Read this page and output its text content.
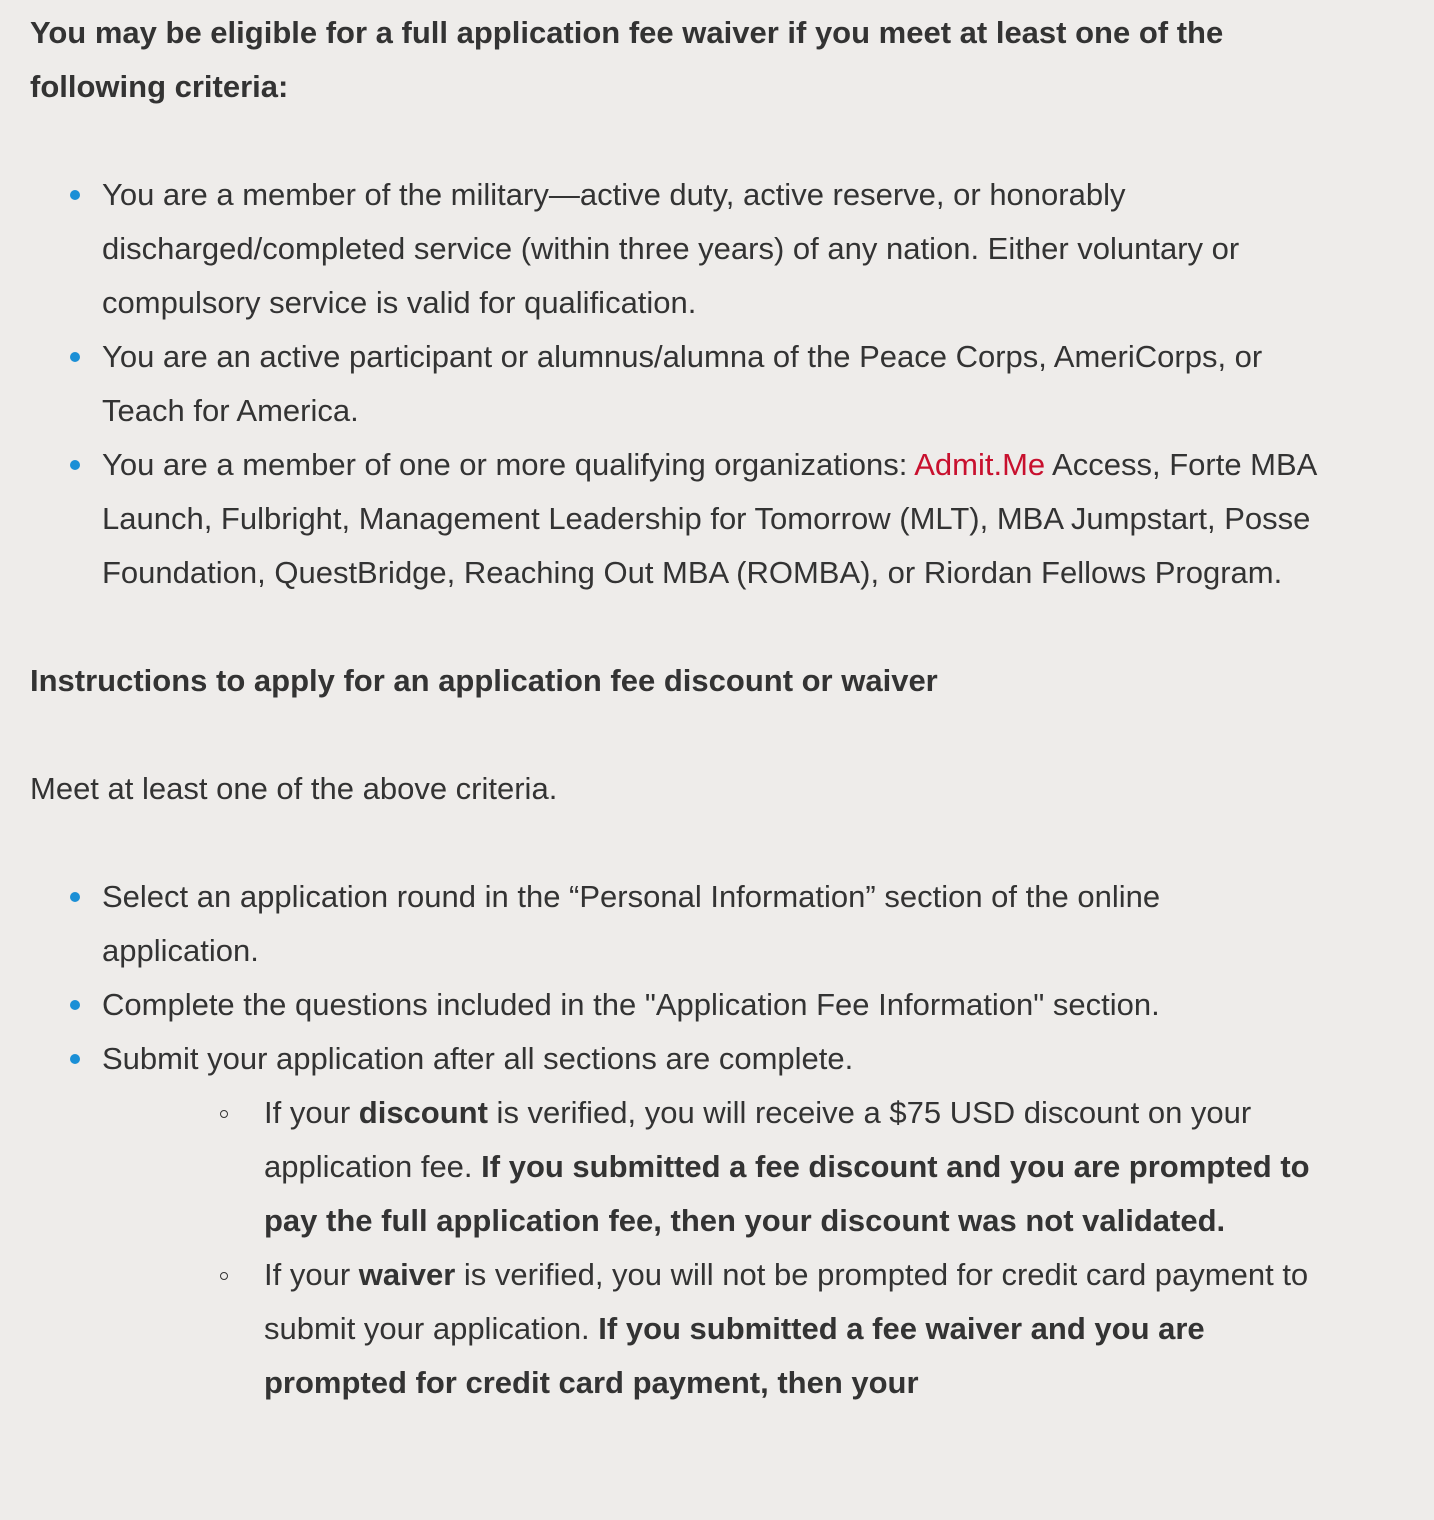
You may be eligible for a full application fee waiver if you meet at least one of the following criteria:

You are a member of the military—active duty, active reserve, or honorably discharged/completed service (within three years) of any nation. Either voluntary or compulsory service is valid for qualification.
You are an active participant or alumnus/alumna of the Peace Corps, AmeriCorps, or Teach for America.
You are a member of one or more qualifying organizations: Admit.Me Access, Forte MBA Launch, Fulbright, Management Leadership for Tomorrow (MLT), MBA Jumpstart, Posse Foundation, QuestBridge, Reaching Out MBA (ROMBA), or Riordan Fellows Program.

Instructions to apply for an application fee discount or waiver

Meet at least one of the above criteria.

Select an application round in the “Personal Information” section of the online application.
Complete the questions included in the "Application Fee Information" section.
Submit your application after all sections are complete.
If your discount is verified, you will receive a $75 USD discount on your application fee. If you submitted a fee discount and you are prompted to pay the full application fee, then your discount was not validated.
If your waiver is verified, you will not be prompted for credit card payment to submit your application. If you submitted a fee waiver and you are prompted for credit card payment, then your
